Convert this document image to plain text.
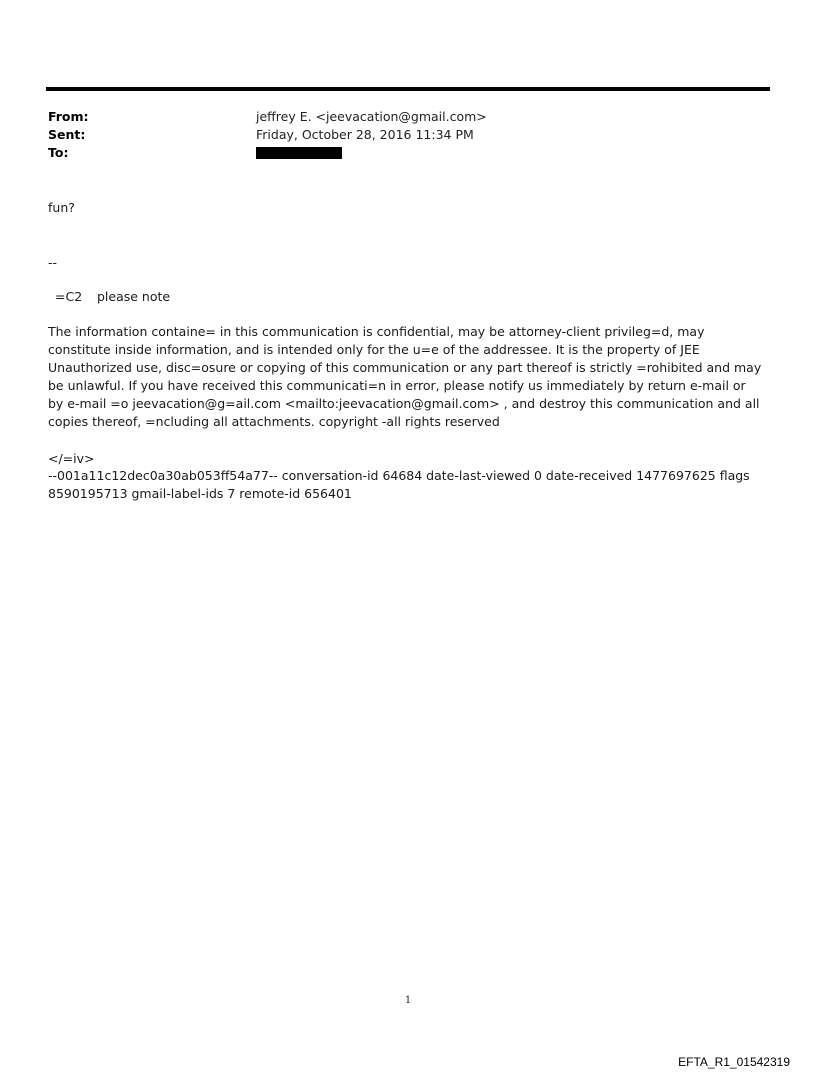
From:	jeffrey E. <jeevacation@gmail.com>
Sent:	Friday, October 28, 2016 11:34 PM
To:

fun?

--

=C2 please note

The information containe= in this communication is confidential, may be attorney-client privileg=d, may constitute inside information, and is intended only for the u=e of the addressee. It is the property of JEE Unauthorized use, disc=osure or copying of this communication or any part thereof is strictly =rohibited and may be unlawful. If you have received this communicati=n in error, please notify us immediately by return e-mail or by e-mail =o jeevacation@g=ail.com <mailto:jeevacation@gmail.com> , and destroy this communication and all copies thereof, =ncluding all attachments. copyright -all rights reserved

</=iv>

--001a11c12dec0a30ab053ff54a77-- conversation-id 64684 date-last-viewed 0 date-received 1477697625 flags 8590195713 gmail-label-ids 7 remote-id 656401

1
EFTA_R1_01542319
